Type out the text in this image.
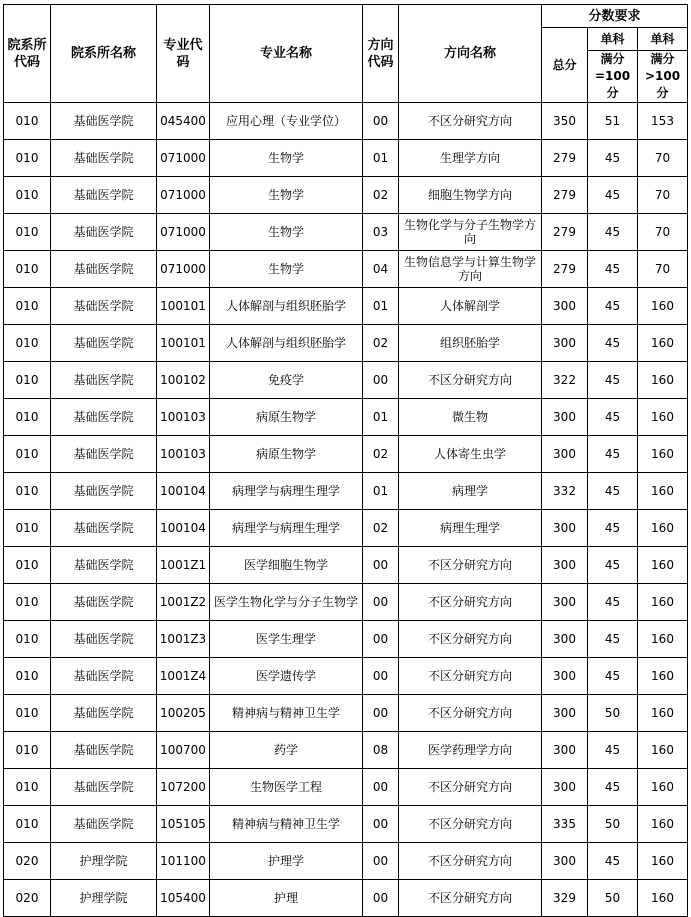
院系所代码	院系所名称	专业代码	专业名称	方向代码	方向名称	分数要求		
						总分	单科	单科
							满分=100分	满分>100分
010	基础医学院	045400	应用心理（专业学位）	00	不区分研究方向	350	51	153
010	基础医学院	071000	生物学	01	生理学方向	279	45	70
010	基础医学院	071000	生物学	02	细胞生物学方向	279	45	70
010	基础医学院	071000	生物学	03	生物化学与分子生物学方向	279	45	70
010	基础医学院	071000	生物学	04	生物信息学与计算生物学方向	279	45	70
010	基础医学院	100101	人体解剖与组织胚胎学	01	人体解剖学	300	45	160
010	基础医学院	100101	人体解剖与组织胚胎学	02	组织胚胎学	300	45	160
010	基础医学院	100102	免疫学	00	不区分研究方向	322	45	160
010	基础医学院	100103	病原生物学	01	微生物	300	45	160
010	基础医学院	100103	病原生物学	02	人体寄生虫学	300	45	160
010	基础医学院	100104	病理学与病理生理学	01	病理学	332	45	160
010	基础医学院	100104	病理学与病理生理学	02	病理生理学	300	45	160
010	基础医学院	1001Z1	医学细胞生物学	00	不区分研究方向	300	45	160
010	基础医学院	1001Z2	医学生物化学与分子生物学	00	不区分研究方向	300	45	160
010	基础医学院	1001Z3	医学生理学	00	不区分研究方向	300	45	160
010	基础医学院	1001Z4	医学遗传学	00	不区分研究方向	300	45	160
010	基础医学院	100205	精神病与精神卫生学	00	不区分研究方向	300	50	160
010	基础医学院	100700	药学	08	医学药理学方向	300	45	160
010	基础医学院	107200	生物医学工程	00	不区分研究方向	300	45	160
010	基础医学院	105105	精神病与精神卫生学	00	不区分研究方向	335	50	160
020	护理学院	101100	护理学	00	不区分研究方向	300	45	160
020	护理学院	105400	护理	00	不区分研究方向	329	50	160
